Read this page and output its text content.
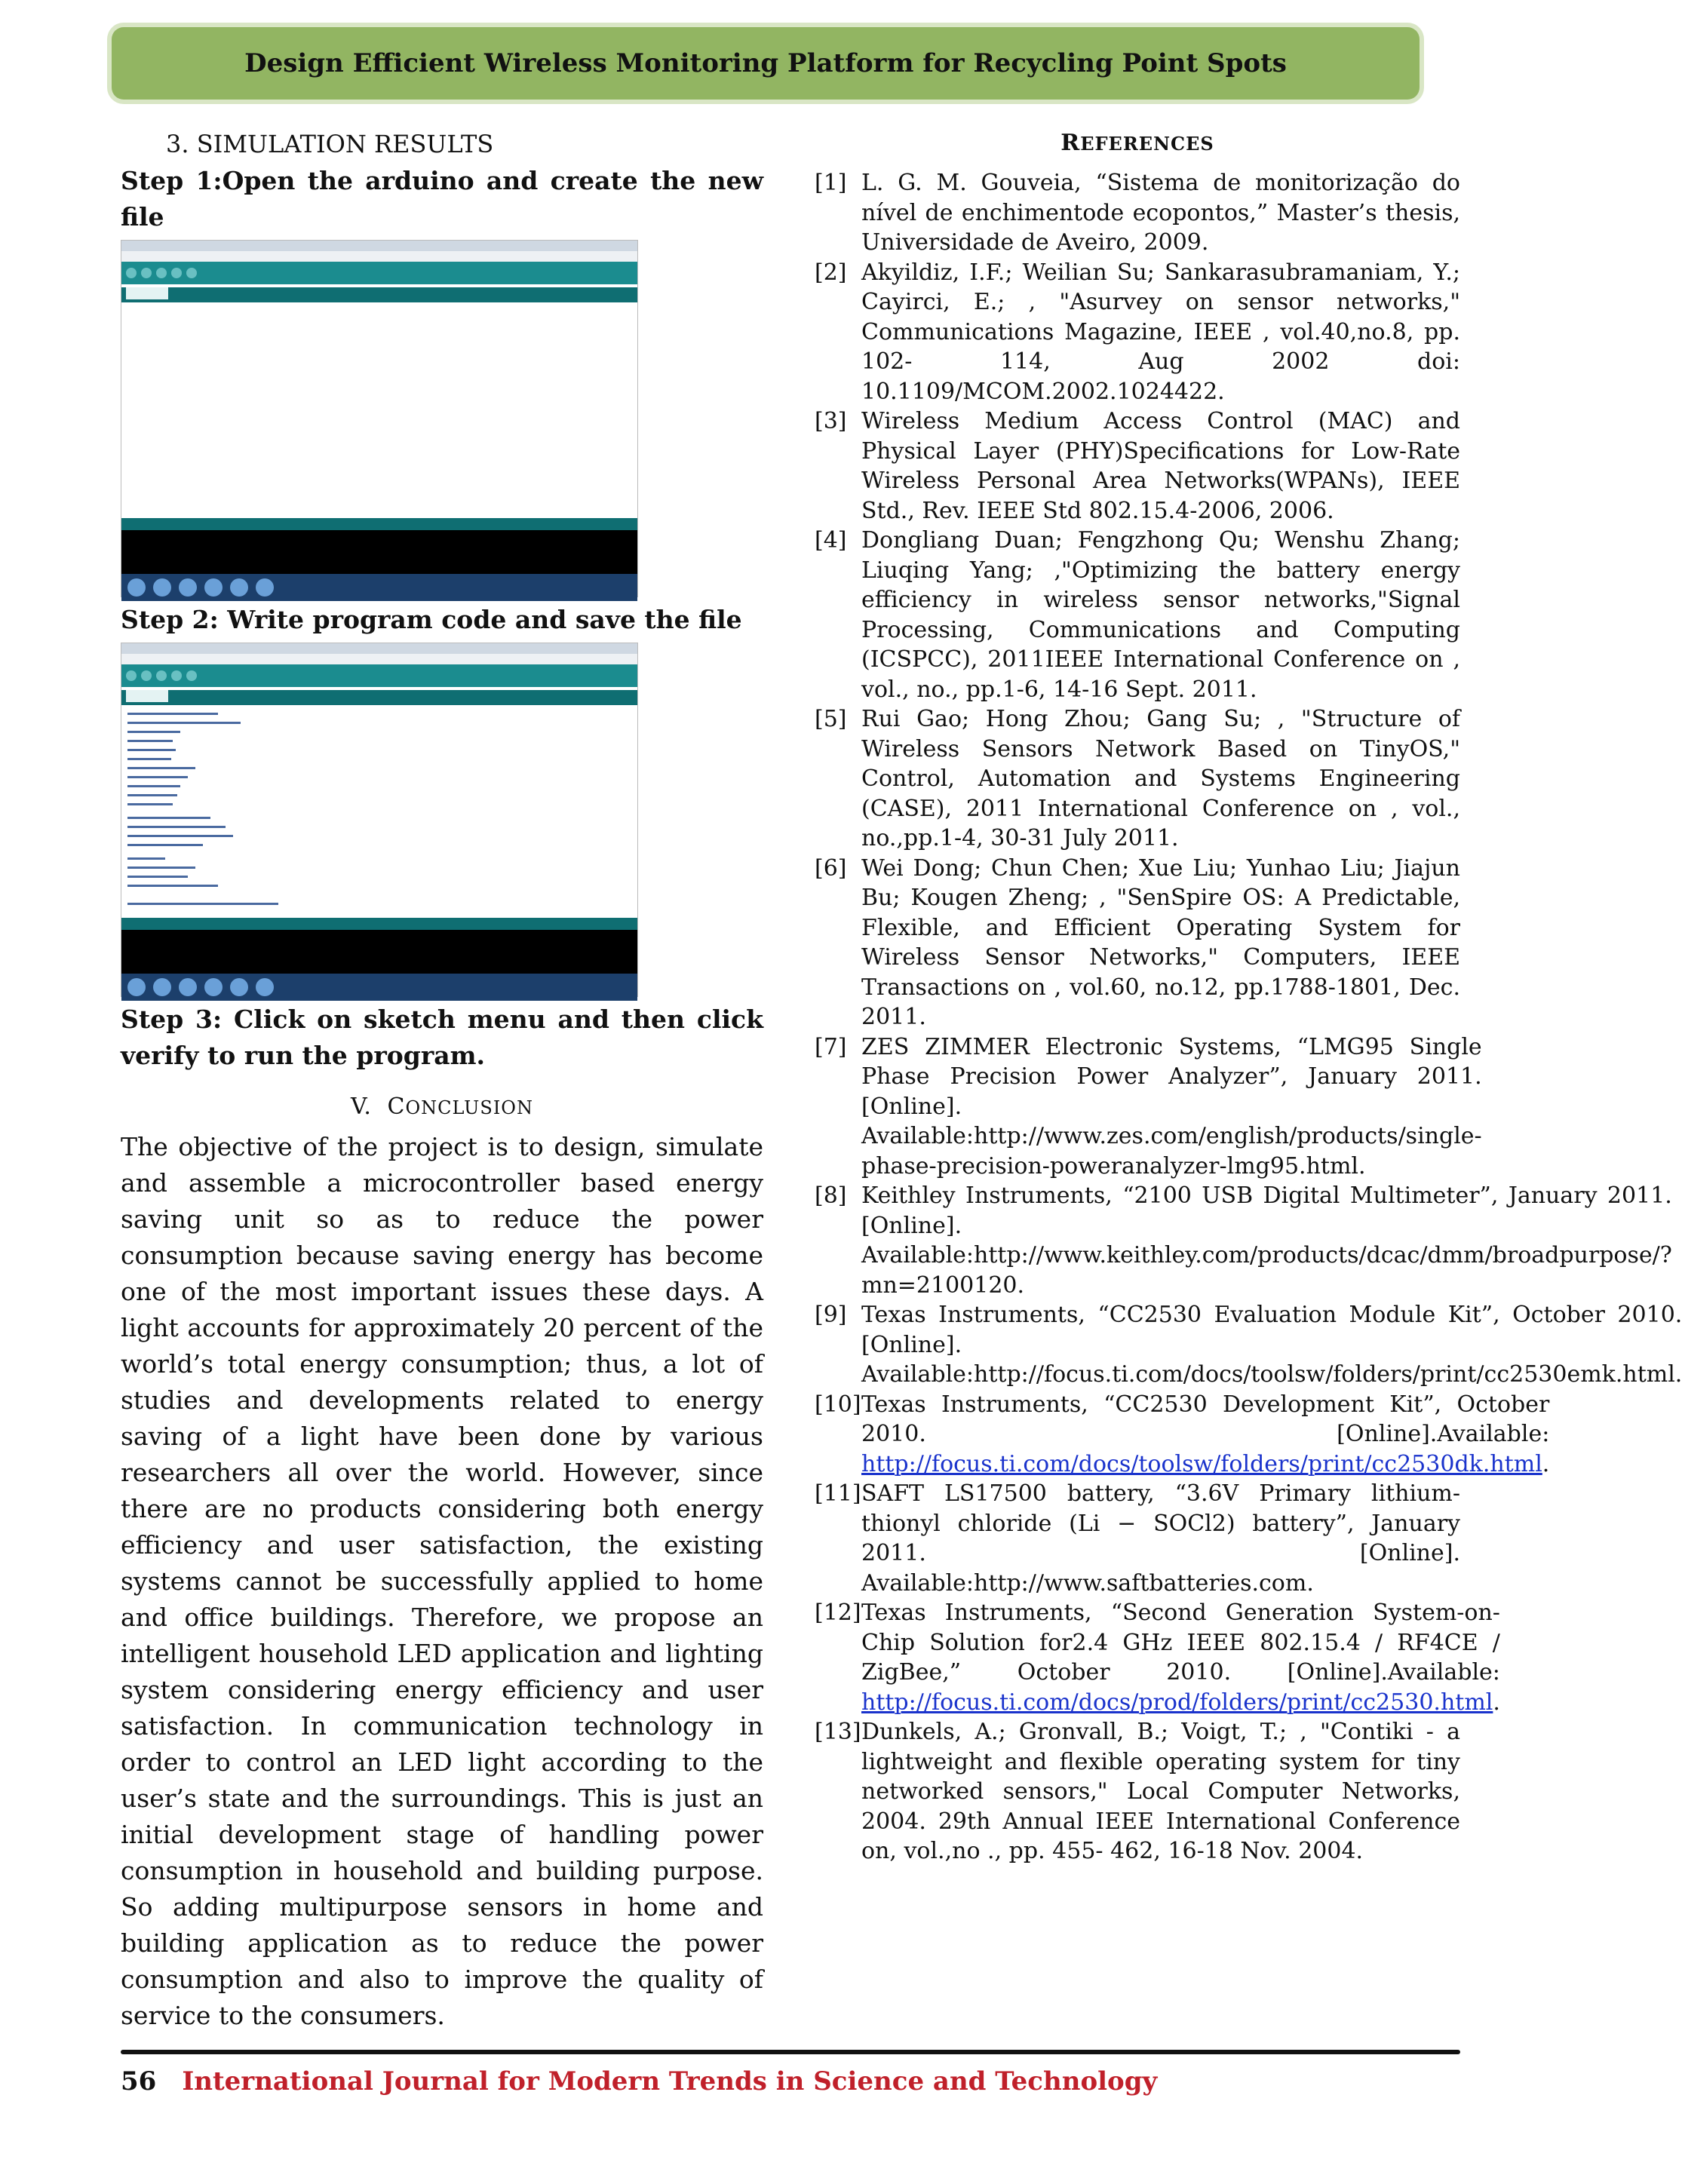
Design Efficient Wireless Monitoring Platform for Recycling Point Spots
3. SIMULATION RESULTS

Step 1:Open the arduino and create the new file

Step 2: Write program code and save the file

Step 3: Click on sketch menu and then click verify to run the program.

V. CONCLUSION

The objective of the project is to design, simulate and assemble a microcontroller based energy saving unit so as to reduce the power consumption because saving energy has become one of the most important issues these days. A light accounts for approximately 20 percent of the world’s total energy consumption; thus, a lot of studies and developments related to energy saving of a light have been done by various researchers all over the world. However, since there are no products considering both energy efficiency and user satisfaction, the existing systems cannot be successfully applied to home and office buildings. Therefore, we propose an intelligent household LED application and lighting system considering energy efficiency and user satisfaction. In communication technology in order to control an LED light according to the user’s state and the surroundings. This is just an initial development stage of handling power consumption in household and building purpose. So adding multipurpose sensors in home and building application as to reduce the power consumption and also to improve the quality of service to the consumers.

REFERENCES
[1] L. G. M. Gouveia, “Sistema de monitorização do nível de enchimentode ecopontos,” Master’s thesis, Universidade de Aveiro, 2009.
[2] Akyildiz, I.F.; Weilian Su; Sankarasubramaniam, Y.; Cayirci, E.; , "Asurvey on sensor networks," Communications Magazine, IEEE , vol.40,no.8, pp. 102- 114, Aug 2002 doi: 10.1109/MCOM.2002.1024422.
[3] Wireless Medium Access Control (MAC) and Physical Layer (PHY)Specifications for Low-Rate Wireless Personal Area Networks(WPANs), IEEE Std., Rev. IEEE Std 802.15.4-2006, 2006.
[4] Dongliang Duan; Fengzhong Qu; Wenshu Zhang; Liuqing Yang; ,"Optimizing the battery energy efficiency in wireless sensor networks,"Signal Processing, Communications and Computing (ICSPCC), 2011IEEE International Conference on , vol., no., pp.1-6, 14-16 Sept. 2011.
[5] Rui Gao; Hong Zhou; Gang Su; , "Structure of Wireless Sensors Network Based on TinyOS," Control, Automation and Systems Engineering (CASE), 2011 International Conference on , vol., no.,pp.1-4, 30-31 July 2011.
[6] Wei Dong; Chun Chen; Xue Liu; Yunhao Liu; Jiajun Bu; Kougen Zheng; , "SenSpire OS: A Predictable, Flexible, and Efficient Operating System for Wireless Sensor Networks," Computers, IEEE Transactions on , vol.60, no.12, pp.1788-1801, Dec. 2011.
[7] ZES ZIMMER Electronic Systems, “LMG95 Single Phase Precision Power Analyzer”, January 2011. [Online]. Available:http://www.zes.com/english/products/single-phase-precision-poweranalyzer-lmg95.html.
[8] Keithley Instruments, “2100 USB Digital Multimeter”, January 2011.[Online]. Available:http://www.keithley.com/products/dcac/dmm/broadpurpose/?mn=2100120.
[9] Texas Instruments, “CC2530 Evaluation Module Kit”, October 2010.[Online]. Available:http://focus.ti.com/docs/toolsw/folders/print/cc2530emk.html.
[10] Texas Instruments, “CC2530 Development Kit”, October 2010. [Online].Available: http://focus.ti.com/docs/toolsw/folders/print/cc2530dk.html.
[11] SAFT LS17500 battery, “3.6V Primary lithium-thionyl chloride (Li − SOCl2) battery”, January 2011. [Online]. Available:http://www.saftbatteries.com.
[12] Texas Instruments, “Second Generation System-on-Chip Solution for2.4 GHz IEEE 802.15.4 / RF4CE / ZigBee,” October 2010. [Online].Available: http://focus.ti.com/docs/prod/folders/print/cc2530.html.
[13] Dunkels, A.; Gronvall, B.; Voigt, T.; , "Contiki - a lightweight and flexible operating system for tiny networked sensors," Local Computer Networks, 2004. 29th Annual IEEE International Conference on, vol.,no ., pp. 455- 462, 16-18 Nov. 2004.
56 International Journal for Modern Trends in Science and Technology
